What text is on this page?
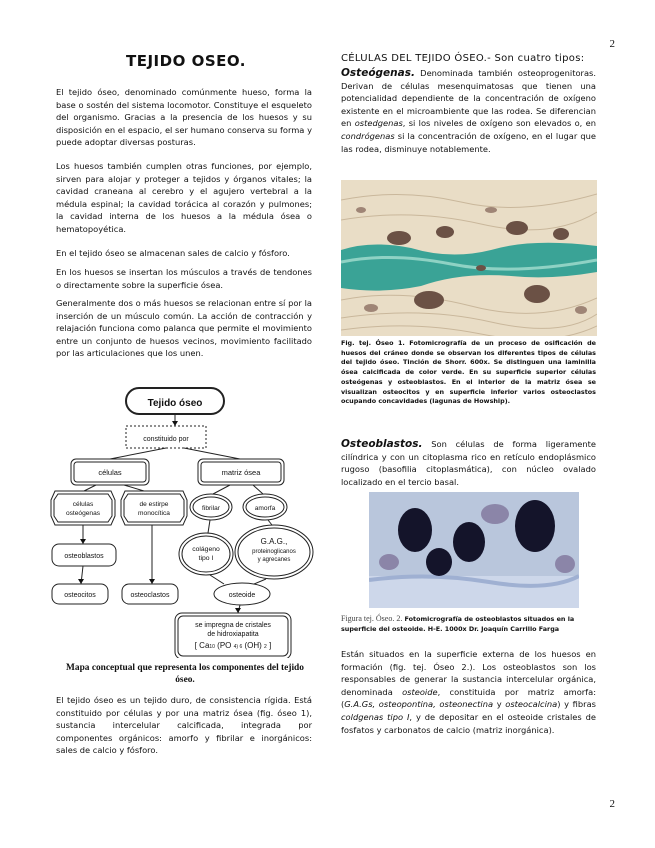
2
TEJIDO OSEO.

El tejido óseo, denominado comúnmente hueso, forma la base o sostén del sistema locomotor. Constituye el esqueleto del organismo. Gracias a la presencia de los huesos y su disposición en el espacio, el ser humano conserva su forma y puede adoptar diversas posturas.

Los huesos también cumplen otras funciones, por ejemplo, sirven para alojar y proteger a tejidos y órganos vitales; la cavidad craneana al cerebro y el agujero vertebral a la médula espinal; la cavidad torácica al corazón y pulmones; la cavidad interna de los huesos a la médula ósea o hematopoyética.

En el tejido óseo se almacenan sales de calcio y fósforo.

En los huesos se insertan los músculos a través de tendones o directamente sobre la superficie ósea.

Generalmente dos o más huesos se relacionan entre sí por la inserción de un músculo común. La acción de contracción y relajación funciona como palanca que permite el movimiento entre un conjunto de huesos vecinos, movimiento facilitado por las articulaciones que los unen.

Tejido óseo
constituido por
células	matriz ósea
células
osteógenas
de estirpe
monocítica
fibrilar	amorfa
colágeno
tipo I
G.A.G.,
proteinoglicanos
y agrecanes
osteoblastos
osteocitos	osteoclastos	osteoide
se impregna de cristales
de hidroxiapatita
[ Ca10 (PO 4) 6 (OH) 2 ]
Mapa conceptual que representa los componentes del tejido óseo.

El tejido óseo es un tejido duro, de consistencia rígida. Está constituido por células y por una matriz ósea (fig. óseo 1), sustancia intercelular calcificada, integrada por componentes orgánicos: amorfo y fibrilar e inorgánicos: sales de calcio y fósforo.

CÉLULAS DEL TEJIDO ÓSEO.- Son cuatro tipos:

Osteógenas. Denominada también osteoprogenitoras. Derivan de células mesenquimatosas que tienen una potencialidad dependiente de la concentración de oxígeno existente en el microambiente que las rodea. Se diferencian en ostedgenas, si los niveles de oxígeno son elevados o, en condrógenas si la concentración de oxígeno, en el lugar que las rodea, disminuye notablemente.

Fig. tej. Óseo 1. Fotomicrografía de un proceso de osificación de huesos del cráneo donde se observan los diferentes tipos de células del tejido óseo. Tinción de Shorr. 600x. Se distinguen una laminilla ósea calcificada de color verde. En su superficie superior células osteógenas y osteoblastos. En el interior de la matriz ósea se visualizan osteocitos y en superficie inferior varios osteoclastos ocupando concavidades (lagunas de Howship).

Osteoblastos. Son células de forma ligeramente cilíndrica y con un citoplasma rico en retículo endoplásmico rugoso (basofilia citoplasmática), con núcleo ovalado localizado en el tercio basal.

Figura tej. Óseo. 2. Fotomicrografía de osteoblastos situados en la superficie del osteoide. H-E. 1000x Dr. Joaquín Carrillo Farga

Están situados en la superficie externa de los huesos en formación (fig. tej. Óseo 2.). Los osteoblastos son los responsables de generar la sustancia intercelular orgánica, denominada osteoide, constituida por matriz amorfa: (G.A.Gs, osteopontina, osteonectina y osteocalcina) y fibras coldgenas tipo I, y de depositar en el osteoide cristales de fosfatos y carbonatos de calcio (matriz inorgánica).

2
